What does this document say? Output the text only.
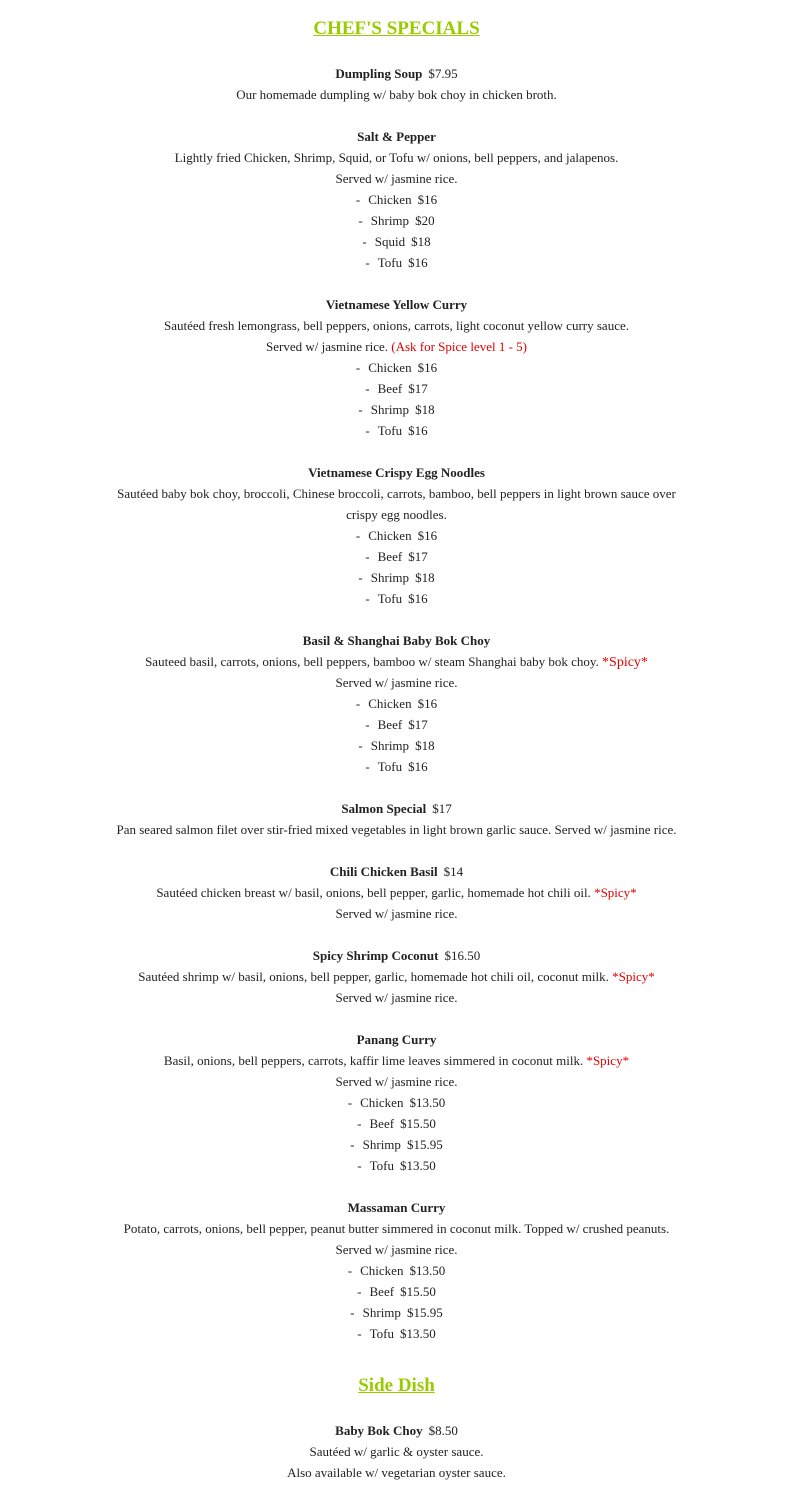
CHEF'S SPECIALS
Dumpling Soup $7.95
Our homemade dumpling w/ baby bok choy in chicken broth.
Salt & Pepper
Lightly fried Chicken, Shrimp, Squid, or Tofu w/ onions, bell peppers, and jalapenos.
Served w/ jasmine rice.
- Chicken $16
- Shrimp $20
- Squid $18
- Tofu $16
Vietnamese Yellow Curry
Sautéed fresh lemongrass, bell peppers, onions, carrots, light coconut yellow curry sauce.
Served w/ jasmine rice. (Ask for Spice level 1 - 5)
- Chicken $16
- Beef $17
- Shrimp $18
- Tofu $16
Vietnamese Crispy Egg Noodles
Sautéed baby bok choy, broccoli, Chinese broccoli, carrots, bamboo, bell peppers in light brown sauce over
crispy egg noodles.
- Chicken $16
- Beef $17
- Shrimp $18
- Tofu $16
Basil & Shanghai Baby Bok Choy
Sauteed basil, carrots, onions, bell peppers, bamboo w/ steam Shanghai baby bok choy. *Spicy*
Served w/ jasmine rice.
- Chicken $16
- Beef $17
- Shrimp $18
- Tofu $16
Salmon Special $17
Pan seared salmon filet over stir-fried mixed vegetables in light brown garlic sauce. Served w/ jasmine rice.
Chili Chicken Basil $14
Sautéed chicken breast w/ basil, onions, bell pepper, garlic, homemade hot chili oil. *Spicy*
Served w/ jasmine rice.
Spicy Shrimp Coconut $16.50
Sautéed shrimp w/ basil, onions, bell pepper, garlic, homemade hot chili oil, coconut milk. *Spicy*
Served w/ jasmine rice.
Panang Curry
Basil, onions, bell peppers, carrots, kaffir lime leaves simmered in coconut milk. *Spicy*
Served w/ jasmine rice.
- Chicken $13.50
- Beef $15.50
- Shrimp $15.95
- Tofu $13.50
Massaman Curry
Potato, carrots, onions, bell pepper, peanut butter simmered in coconut milk. Topped w/ crushed peanuts.
Served w/ jasmine rice.
- Chicken $13.50
- Beef $15.50
- Shrimp $15.95
- Tofu $13.50
Side Dish
Baby Bok Choy $8.50
Sautéed w/ garlic & oyster sauce.
Also available w/ vegetarian oyster sauce.
